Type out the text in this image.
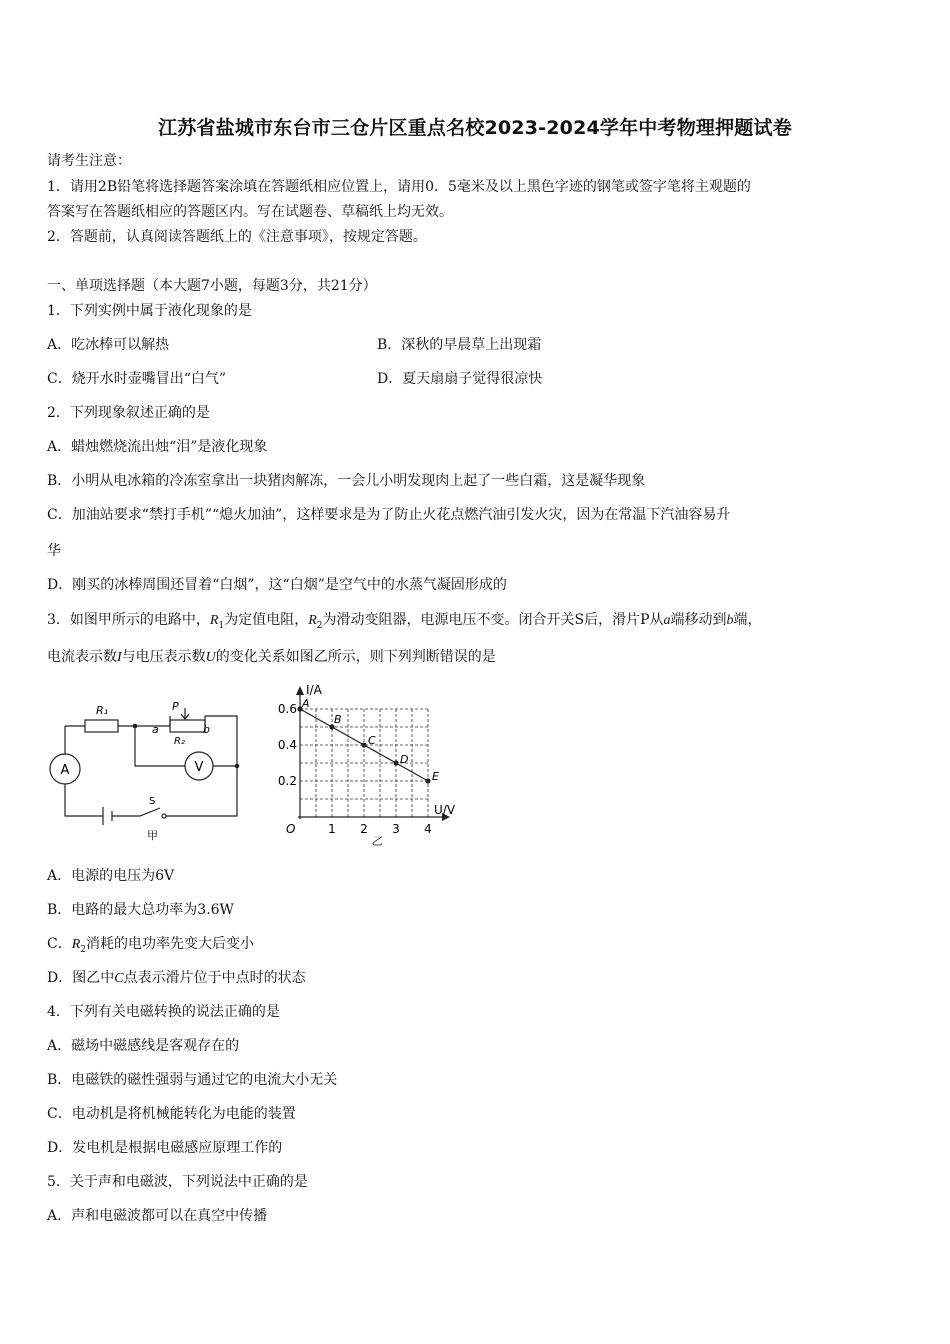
江苏省盐城市东台市三仓片区重点名校2023-2024学年中考物理押题试卷
请考生注意：
1．请用2B铅笔将选择题答案涂填在答题纸相应位置上，请用0．5毫米及以上黑色字迹的钢笔或签字笔将主观题的
答案写在答题纸相应的答题区内。写在试题卷、草稿纸上均无效。
2．答题前，认真阅读答题纸上的《注意事项》，按规定答题。
一、单项选择题（本大题7小题，每题3分，共21分）
1．下列实例中属于液化现象的是
A．吃冰棒可以解热	B．深秋的早晨草上出现霜
C．烧开水时壶嘴冒出“白气”	D．夏天扇扇子觉得很凉快
2．下列现象叙述正确的是
A．蜡烛燃烧流出烛“泪”是液化现象
B．小明从电冰箱的冷冻室拿出一块猪肉解冻，一会儿小明发现肉上起了一些白霜，这是凝华现象
C．加油站要求“禁打手机”“熄火加油”，这样要求是为了防止火花点燃汽油引发火灾，因为在常温下汽油容易升
华
D．刚买的冰棒周围还冒着“白烟”，这“白烟”是空气中的水蒸气凝固形成的
3．如图甲所示的电路中，$R_1$为定值电阻，$R_2$为滑动变阻器，电源电压不变。闭合开关S后，滑片P从a端移动到b端，
电流表示数I与电压表示数U的变化关系如图乙所示，则下列判断错误的是
R₁	P
a
R₂
b
A	V
S
甲
I/A
U/V
O
0.6
0.4
0.2
1 2 3 4
乙
A
B
C
D
E
A．电源的电压为6V
B．电路的最大总功率为3.6W
C．$R_2$消耗的电功率先变大后变小
D．图乙中C点表示滑片位于中点时的状态
4．下列有关电磁转换的说法正确的是
A．磁场中磁感线是客观存在的
B．电磁铁的磁性强弱与通过它的电流大小无关
C．电动机是将机械能转化为电能的装置
D．发电机是根据电磁感应原理工作的
5．关于声和电磁波，下列说法中正确的是
A．声和电磁波都可以在真空中传播
